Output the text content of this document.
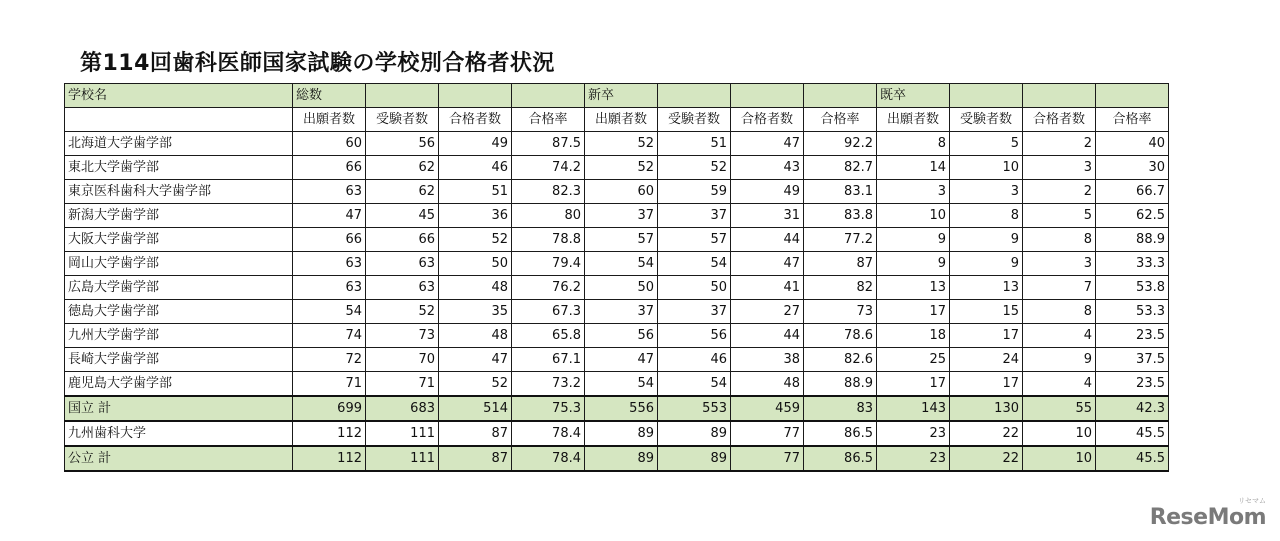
第114回歯科医師国家試験の学校別合格者状況
学校名	総数				新卒				既卒			
	出願者数	受験者数	合格者数	合格率	出願者数	受験者数	合格者数	合格率	出願者数	受験者数	合格者数	合格率
北海道大学歯学部	60	56	49	87.5	52	51	47	92.2	8	5	2	40
東北大学歯学部	66	62	46	74.2	52	52	43	82.7	14	10	3	30
東京医科歯科大学歯学部	63	62	51	82.3	60	59	49	83.1	3	3	2	66.7
新潟大学歯学部	47	45	36	80	37	37	31	83.8	10	8	5	62.5
大阪大学歯学部	66	66	52	78.8	57	57	44	77.2	9	9	8	88.9
岡山大学歯学部	63	63	50	79.4	54	54	47	87	9	9	3	33.3
広島大学歯学部	63	63	48	76.2	50	50	41	82	13	13	7	53.8
徳島大学歯学部	54	52	35	67.3	37	37	27	73	17	15	8	53.3
九州大学歯学部	74	73	48	65.8	56	56	44	78.6	18	17	4	23.5
長崎大学歯学部	72	70	47	67.1	47	46	38	82.6	25	24	9	37.5
鹿児島大学歯学部	71	71	52	73.2	54	54	48	88.9	17	17	4	23.5
国立 計	699	683	514	75.3	556	553	459	83	143	130	55	42.3
九州歯科大学	112	111	87	78.4	89	89	77	86.5	23	22	10	45.5
公立 計	112	111	87	78.4	89	89	77	86.5	23	22	10	45.5
ReseMom
リセマム
